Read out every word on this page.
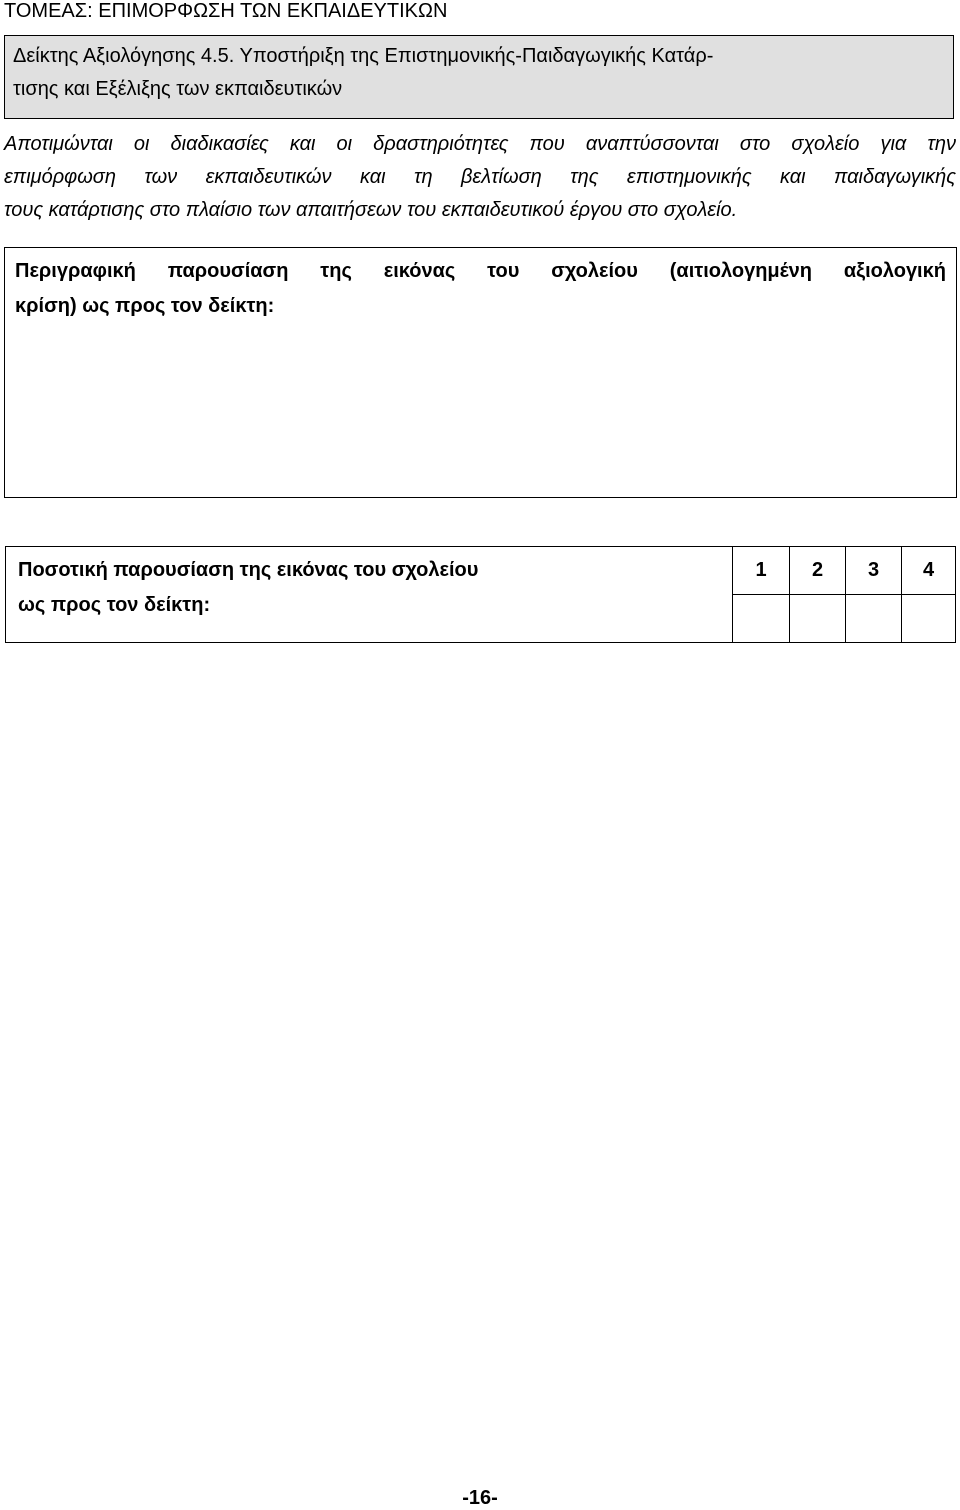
ΤΟΜΕΑΣ: ΕΠΙΜΟΡΦΩΣΗ ΤΩΝ ΕΚΠΑΙΔΕΥΤΙΚΩΝ
Δείκτης Αξιολόγησης 4.5. Υποστήριξη της Επιστημονικής-Παιδαγωγικής Κατάρ-
τισης και Εξέλιξης των εκπαιδευτικών
Αποτιμώνται οι διαδικασίες και οι δραστηριότητες που αναπτύσσονται στο σχολείο για την
επιμόρφωση των εκπαιδευτικών και τη βελτίωση της επιστημονικής και παιδαγωγικής
τους κατάρτισης στο πλαίσιο των απαιτήσεων του εκπαιδευτικού έργου στο σχολείο.
Περιγραφική παρουσίαση της εικόνας του σχολείου (αιτιολογημένη αξιολογική
κρίση) ως προς τον δείκτη:
Ποσοτική παρουσίαση της εικόνας του σχολείου
ως προς τον δείκτη:	1	2	3	4

-16-
